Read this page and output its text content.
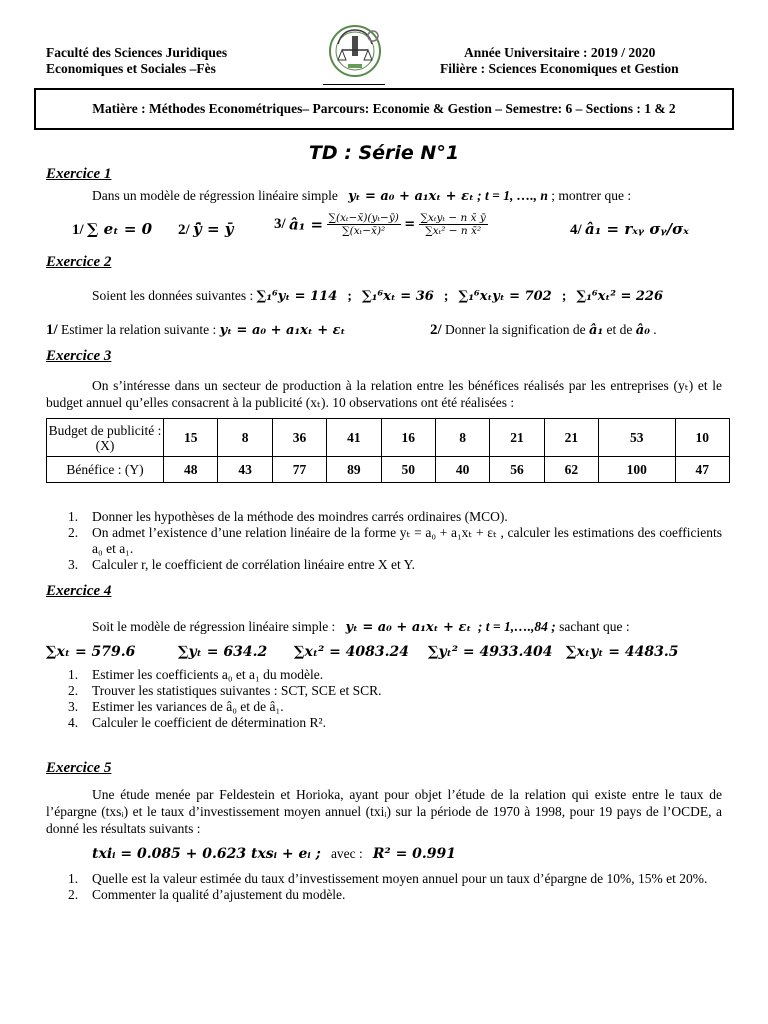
Faculté des Sciences Juridiques
Economiques et Sociales –Fès
Année Universitaire : 2019 / 2020
Filière : Sciences Economiques et Gestion
Matière : Méthodes Econométriques– Parcours: Economie & Gestion – Semestre: 6 – Sections : 1 & 2
TD : Série N°1
Exercice 1
Dans un modèle de régression linéaire simple yₜ = a₀ + a₁xₜ + εₜ ; t = 1, …., n ; montrer que :
1/ ∑ eₜ = 0 2/ ȳ̂ = ȳ	3/ â₁ = $\frac{\text{∑(xₜ−x̄)(yₜ−ȳ)}}{\text{∑(xₜ−x̄)²}} = \frac{\text{∑xₜyₜ − n x̄ ȳ}}{\text{∑xₜ² − n x̄²}}$	4/ â₁ = rₓᵧ σᵧ/σₓ
Exercice 2
Soient les données suivantes : ∑₁⁶yₜ = 114 ; ∑₁⁶xₜ = 36 ; ∑₁⁶xₜyₜ = 702 ; ∑₁⁶xₜ² = 226
1/ Estimer la relation suivante : yₜ = a₀ + a₁xₜ + εₜ	2/ Donner la signification de â₁ et de â₀ .
Exercice 3
On s’intéresse dans un secteur de production à la relation entre les bénéfices réalisés par les entreprises (yₜ) et le budget annuel qu’elles consacrent à la publicité (xₜ). 10 observations ont été réalisées :
Budget de publicité : (X)	15	8	36	41	16	8	21	21	53	10
Bénéfice : (Y)	48	43	77	89	50	40	56	62	100	47
1. Donner les hypothèses de la méthode des moindres carrés ordinaires (MCO).
2. On admet l’existence d’une relation linéaire de la forme yₜ = a₀ + a₁xₜ + εₜ , calculer les estimations des coefficients a₀ et a₁.
3. Calculer r, le coefficient de corrélation linéaire entre X et Y.
Exercice 4
Soit le modèle de régression linéaire simple : yₜ = a₀ + a₁xₜ + εₜ ; t = 1,….,84 ; sachant que :
∑xₜ = 579.6	∑yₜ = 634.2 ∑xₜ² = 4083.24 ∑yₜ² = 4933.404 ∑xₜyₜ = 4483.5
1. Estimer les coefficients a₀ et a₁ du modèle.
2. Trouver les statistiques suivantes : SCT, SCE et SCR.
3. Estimer les variances de â₀ et de â₁.
4. Calculer le coefficient de détermination R².
Exercice 5
Une étude menée par Feldestein et Horioka, ayant pour objet l’étude de la relation qui existe entre le taux de l’épargne (txsᵢ) et le taux d’investissement moyen annuel (txiᵢ) sur la période de 1970 à 1998, pour 19 pays de l’OCDE, a donné les résultats suivants :
txiᵢ = 0.085 + 0.623 txsᵢ + eᵢ ; avec : R² = 0.991
1. Quelle est la valeur estimée du taux d’investissement moyen annuel pour un taux d’épargne de 10%, 15% et 20%.
2. Commenter la qualité d’ajustement du modèle.
